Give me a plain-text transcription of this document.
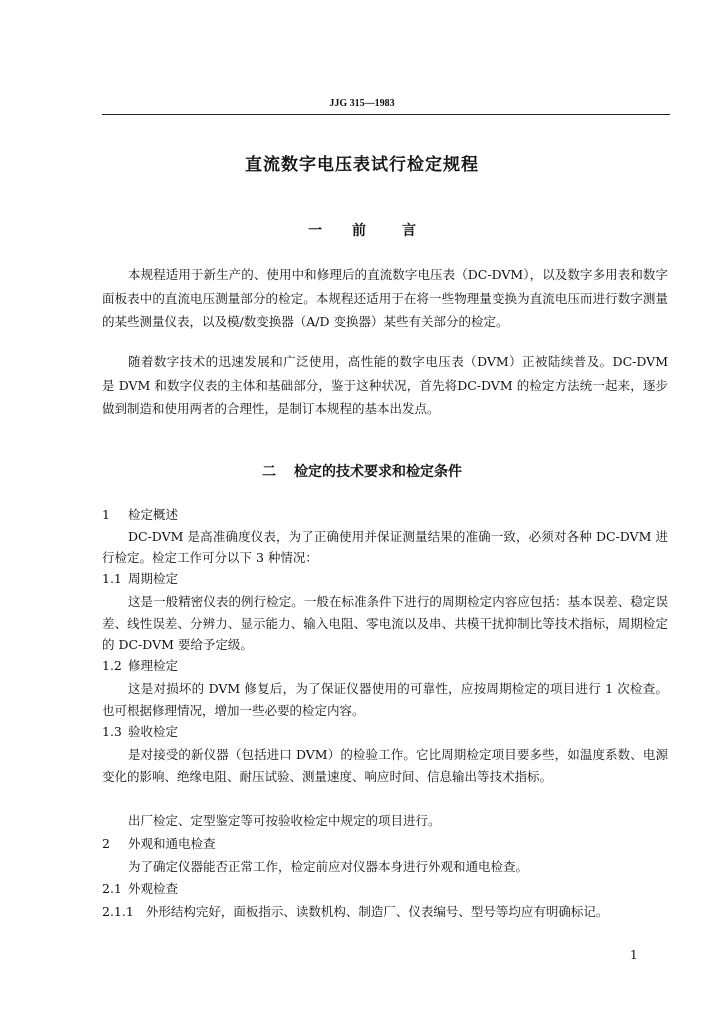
JJG 315—1983
直流数字电压表试行检定规程
一 前	言
本规程适用于新生产的、使用中和修理后的直流数字电压表（DC-DVM），以及数字多用表和数字面板表中的直流电压测量部分的检定。本规程还适用于在将一些物理量变换为直流电压而进行数字测量的某些测量仪表，以及模/数变换器（A/D 变换器）某些有关部分的检定。
随着数字技术的迅速发展和广泛使用，高性能的数字电压表（DVM）正被陆续普及。DC-DVM 是 DVM 和数字仪表的主体和基础部分，鉴于这种状况，首先将DC-DVM 的检定方法统一起来，逐步做到制造和使用两者的合理性，是制订本规程的基本出发点。
二 检定的技术要求和检定条件
1 检定概述
DC-DVM 是高准确度仪表，为了正确使用并保证测量结果的准确一致，必须对各种 DC-DVM 进行检定。检定工作可分以下 3 种情况：
1.1 周期检定
这是一般精密仪表的例行检定。一般在标准条件下进行的周期检定内容应包括：基本误差、稳定误差、线性误差、分辨力、显示能力、输入电阻、零电流以及串、共模干扰抑制比等技术指标，周期检定的 DC-DVM 要给予定级。
1.2 修理检定
这是对损坏的 DVM 修复后，为了保证仪器使用的可靠性，应按周期检定的项目进行 1 次检查。也可根据修理情况，增加一些必要的检定内容。
1.3 验收检定
是对接受的新仪器（包括进口 DVM）的检验工作。它比周期检定项目要多些，如温度系数、电源变化的影响、绝缘电阻、耐压试验、测量速度、响应时间、信息输出等技术指标。
出厂检定、定型鉴定等可按验收检定中规定的项目进行。
2 外观和通电检查
为了确定仪器能否正常工作，检定前应对仪器本身进行外观和通电检查。
2.1 外观检查
2.1.1 外形结构完好，面板指示、读数机构、制造厂、仪表编号、型号等均应有明确标记。
1
